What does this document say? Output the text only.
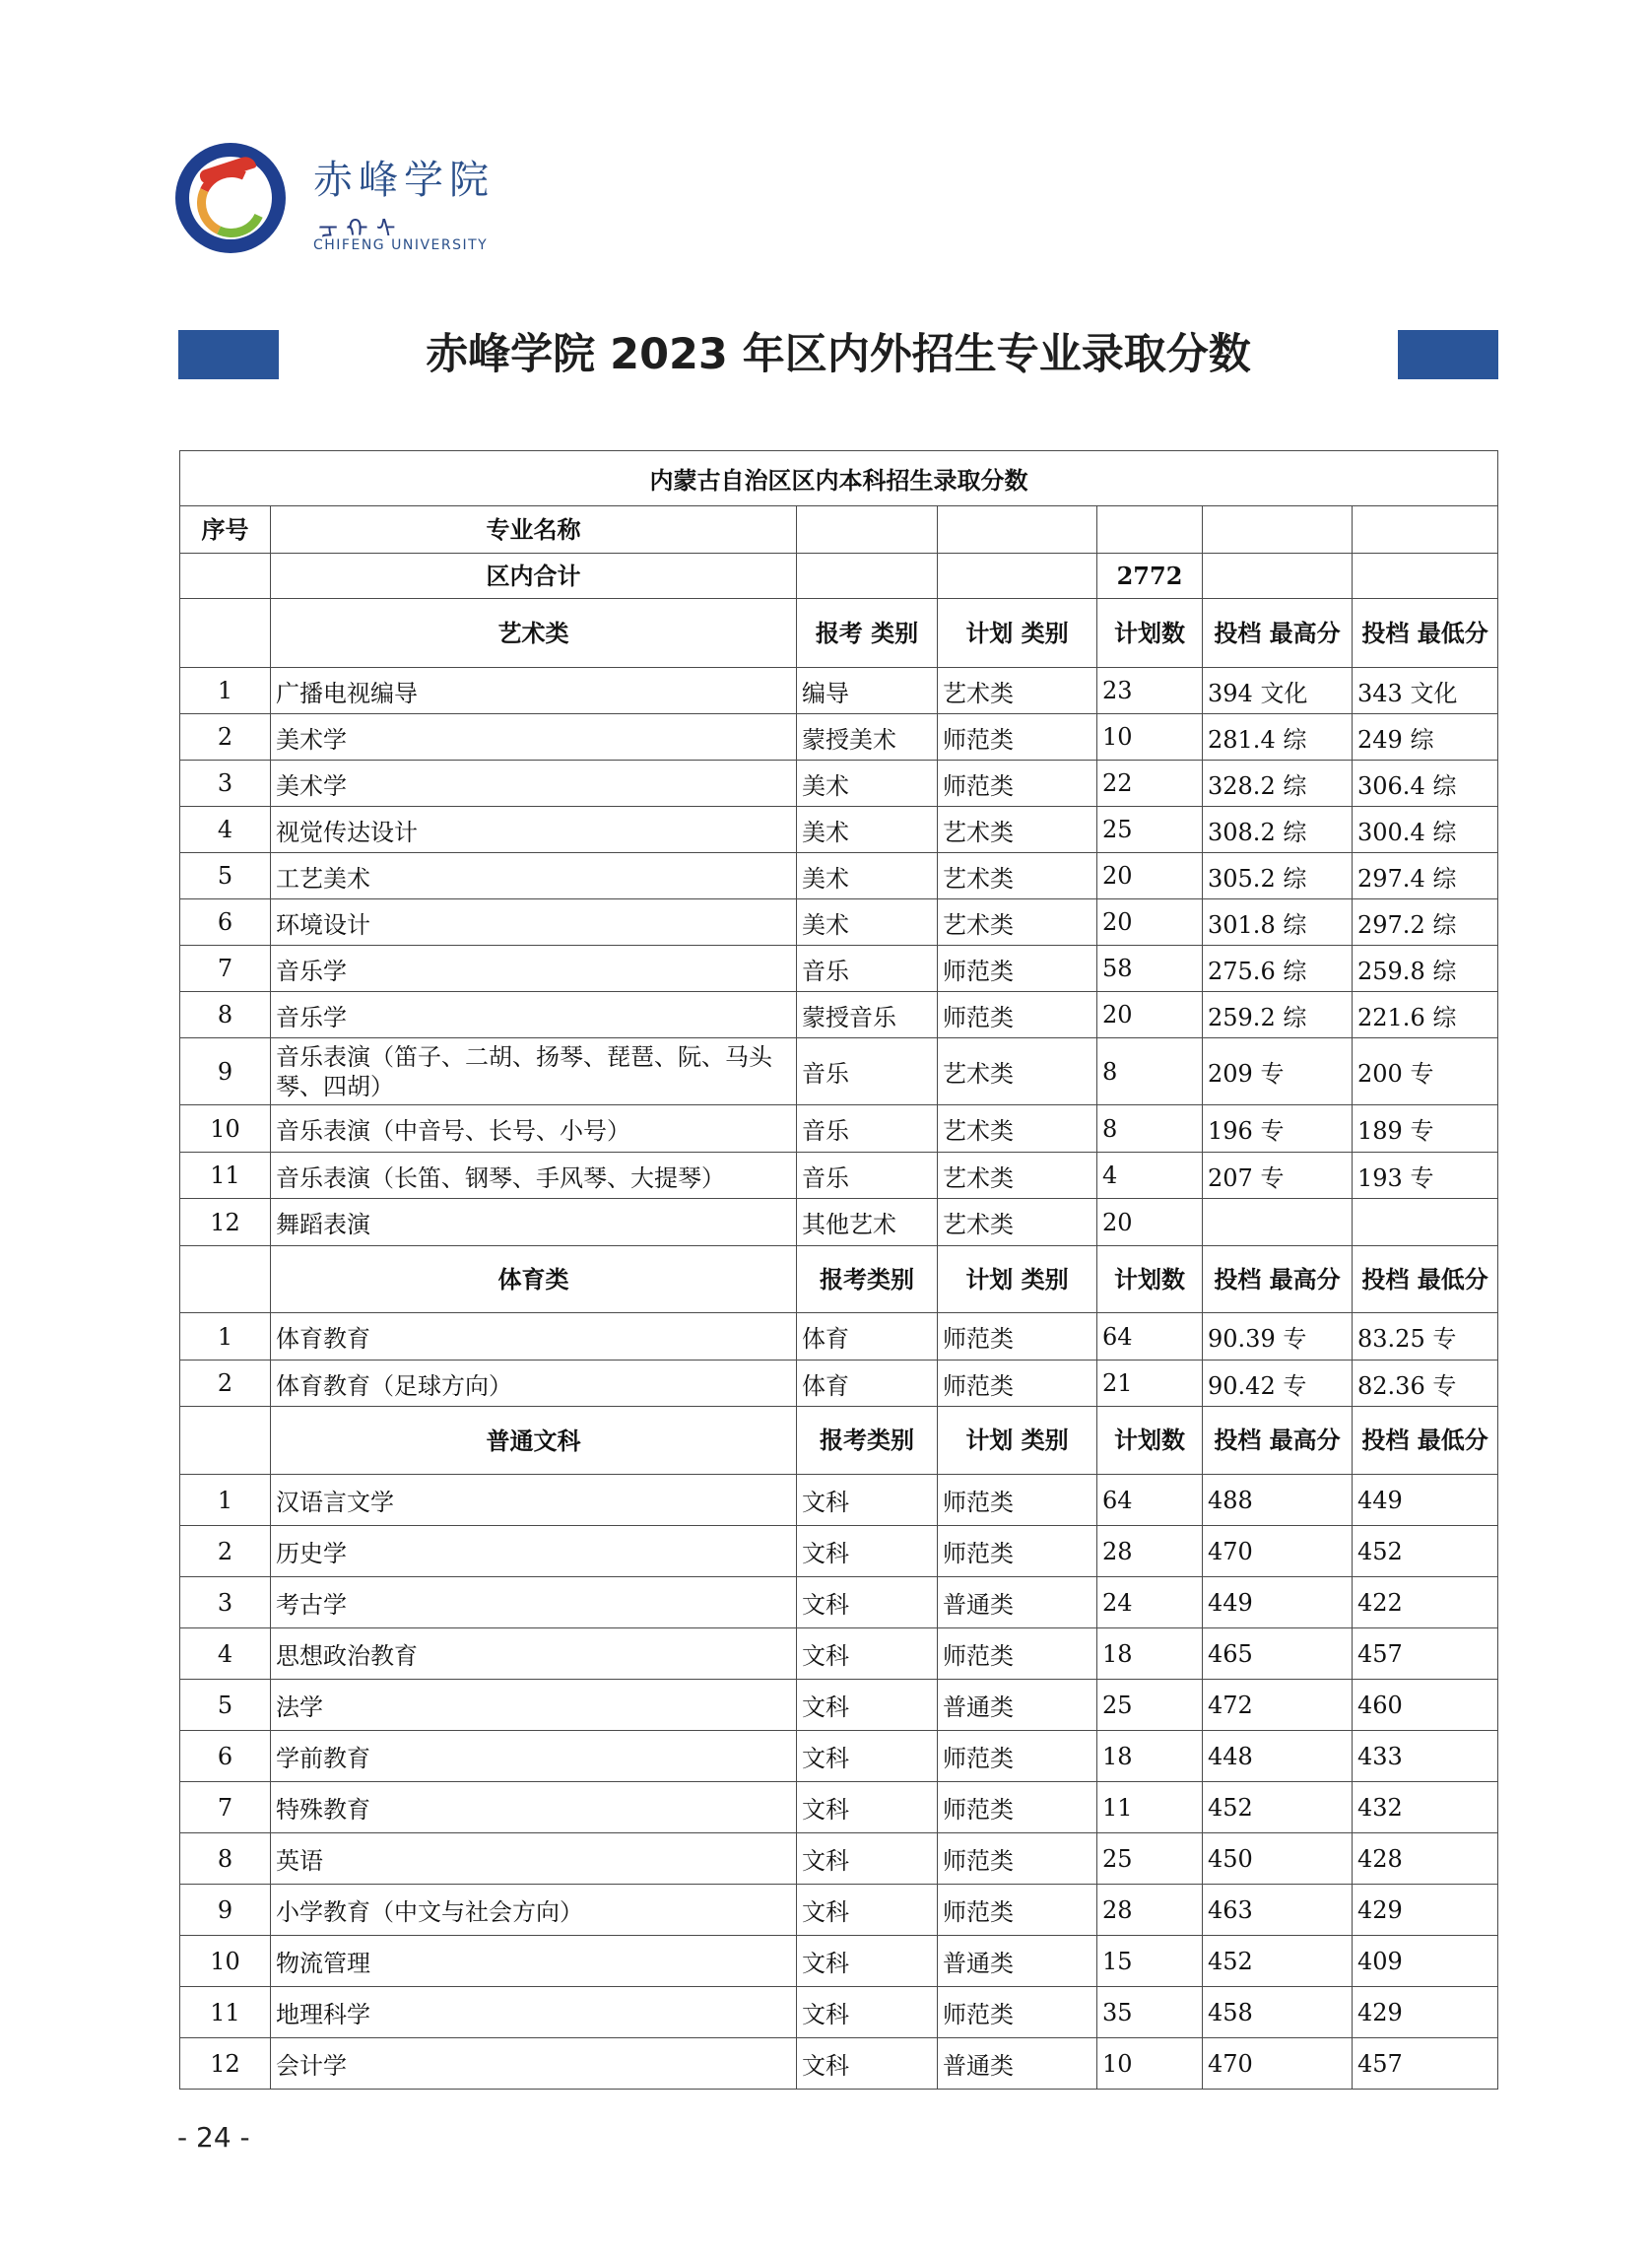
赤峰学院
ᠴ ᠬ ᠰ
CHIFENG UNIVERSITY
赤峰学院 2023 年区内外招生专业录取分数
内蒙古自治区区内本科招生录取分数						
序号	专业名称					
	区内合计			2772		
	艺术类	报考 类别	计划 类别	计划数	投档 最高分	投档 最低分
1	广播电视编导	编导	艺术类	23	394 文化	343 文化
2	美术学	蒙授美术	师范类	10	281.4 综	249 综
3	美术学	美术	师范类	22	328.2 综	306.4 综
4	视觉传达设计	美术	艺术类	25	308.2 综	300.4 综
5	工艺美术	美术	艺术类	20	305.2 综	297.4 综
6	环境设计	美术	艺术类	20	301.8 综	297.2 综
7	音乐学	音乐	师范类	58	275.6 综	259.8 综
8	音乐学	蒙授音乐	师范类	20	259.2 综	221.6 综
9	音乐表演（笛子、二胡、扬琴、琵琶、阮、马头琴、四胡）	音乐	艺术类	8	209 专	200 专
10	音乐表演（中音号、长号、小号）	音乐	艺术类	8	196 专	189 专
11	音乐表演（长笛、钢琴、手风琴、大提琴）	音乐	艺术类	4	207 专	193 专
12	舞蹈表演	其他艺术	艺术类	20		
	体育类	报考类别	计划 类别	计划数	投档 最高分	投档 最低分
1	体育教育	体育	师范类	64	90.39 专	83.25 专
2	体育教育（足球方向）	体育	师范类	21	90.42 专	82.36 专
	普通文科	报考类别	计划 类别	计划数	投档 最高分	投档 最低分
1	汉语言文学	文科	师范类	64	488	449
2	历史学	文科	师范类	28	470	452
3	考古学	文科	普通类	24	449	422
4	思想政治教育	文科	师范类	18	465	457
5	法学	文科	普通类	25	472	460
6	学前教育	文科	师范类	18	448	433
7	特殊教育	文科	师范类	11	452	432
8	英语	文科	师范类	25	450	428
9	小学教育（中文与社会方向）	文科	师范类	28	463	429
10	物流管理	文科	普通类	15	452	409
11	地理科学	文科	师范类	35	458	429
12	会计学	文科	普通类	10	470	457
- 24 -
